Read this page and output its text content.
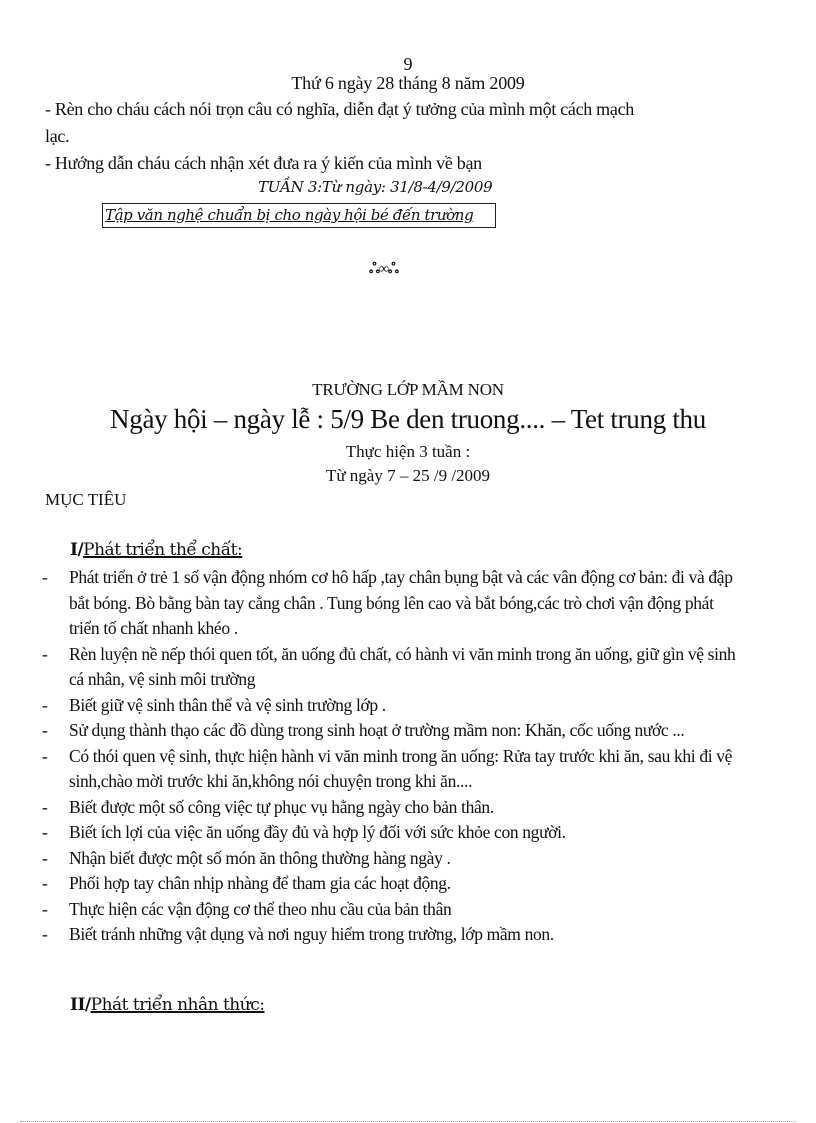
9
Thứ 6 ngày 28 tháng 8 năm 2009
- Rèn cho cháu cách nói trọn câu có nghĩa, diễn đạt ý tưởng của mình một cách mạch
lạc.
- Hướng dẫn cháu cách nhận xét đưa ra ý kiến của mình về bạn
TUẦN 3:Từ ngày: 31/8-4/9/2009
Tập văn nghệ chuẩn bị cho ngày hội bé đến trường
ஃ∞ஃ
TRƯỜNG LỚP MẦM NON
Ngày hội – ngày lễ : 5/9 Be den truong.... – Tet trung thu
Thực hiện 3 tuần :
Từ ngày 7 – 25 /9 /2009
MỤC TIÊU
I/Phát triển thể chất:
- Phát triển ở trẻ 1 số vận động nhóm cơ hô hấp ,tay chân bụng bật và các vân động cơ bản: đi và đập bắt bóng. Bò bằng bàn tay cẳng chân . Tung bóng lên cao và bắt bóng,các trò chơi vận động phát triển tố chất nhanh khéo .
- Rèn luyện nề nếp thói quen tốt, ăn uống đủ chất, có hành vi văn minh trong ăn uống, giữ gìn vệ sinh cá nhân, vệ sinh môi trường
- Biết giữ vệ sinh thân thể và vệ sinh trường lớp .
- Sử dụng thành thạo các đồ dùng trong sinh hoạt ở trường mầm non: Khăn, cốc uống nước ...
- Có thói quen vệ sinh, thực hiện hành vi văn minh trong ăn uống: Rửa tay trước khi ăn, sau khi đi vệ sinh,chào mời trước khi ăn,không nói chuyện trong khi ăn....
- Biết được một số công việc tự phục vụ hằng ngày cho bản thân.
- Biết ích lợi của việc ăn uống đầy đủ và hợp lý đối với sức khỏe con người.
- Nhận biết được một số món ăn thông thường hàng ngày .
- Phối hợp tay chân nhịp nhàng để tham gia các hoạt động.
- Thực hiện các vận động cơ thể theo nhu cầu của bản thân
- Biết tránh những vật dụng và nơi nguy hiểm trong trường, lớp mầm non.
II/Phát triển nhân thức:
